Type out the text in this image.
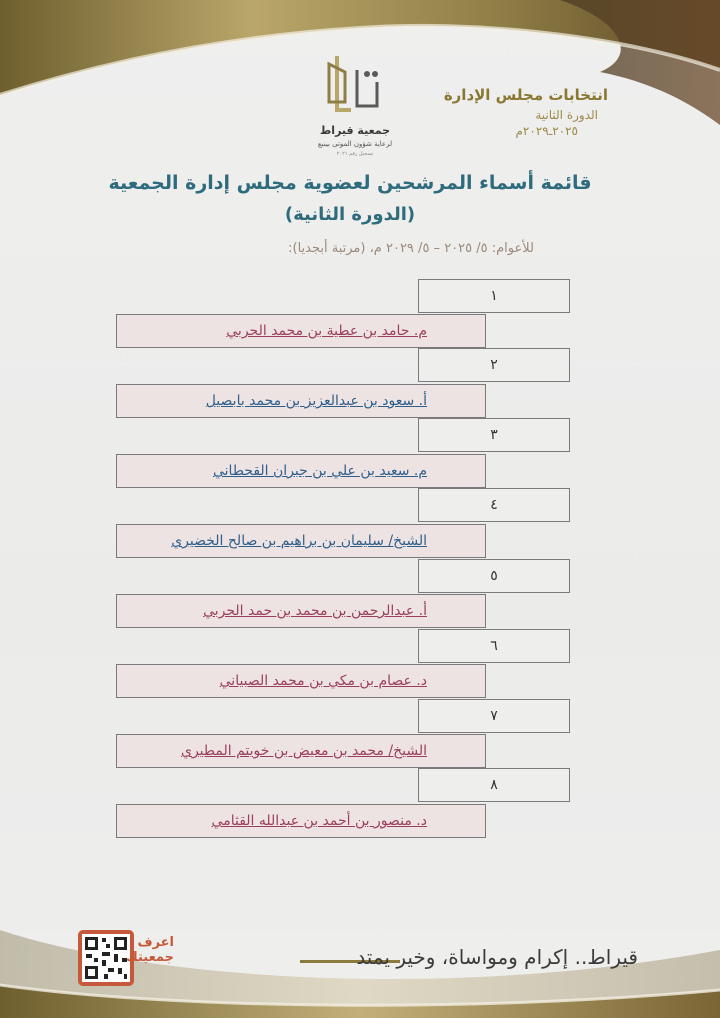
جمعية قيراط
لرعاية شؤون الموتى بينبع
تسجيل رقم ٢٠٢١
انتخابات مجلس الإدارة
الدورة الثانية
٢٠٢٥ـ٢٠٢٩م
قائمة أسماء المرشحين لعضوية مجلس إدارة الجمعية
(الدورة الثانية)
للأعوام: ٥/ ٢٠٢٥ – ٥/ ٢٠٢٩ م، (مرتبة أبجديا):
١
م. حامد بن عطية بن محمد الحربي
٢
أ. سعود بن عبدالعزيز بن محمد بابصيل
٣
م. سعيد بن علي بن جبران القحطاني
٤
الشيخ/ سليمان بن براهيم بن صالح الخضيري
٥
أ. عبدالرحمن بن محمد بن حمد الحربي
٦
د. عصام بن مكي بن محمد الصبياني
٧
الشيخ/ محمد بن معيض بن خويتم المطيري
٨
د. منصور بن أحمد بن عبدالله القثامي
اعرف
جمعيتك	قيراط.. إكرام ومواساة، وخير يمتد
